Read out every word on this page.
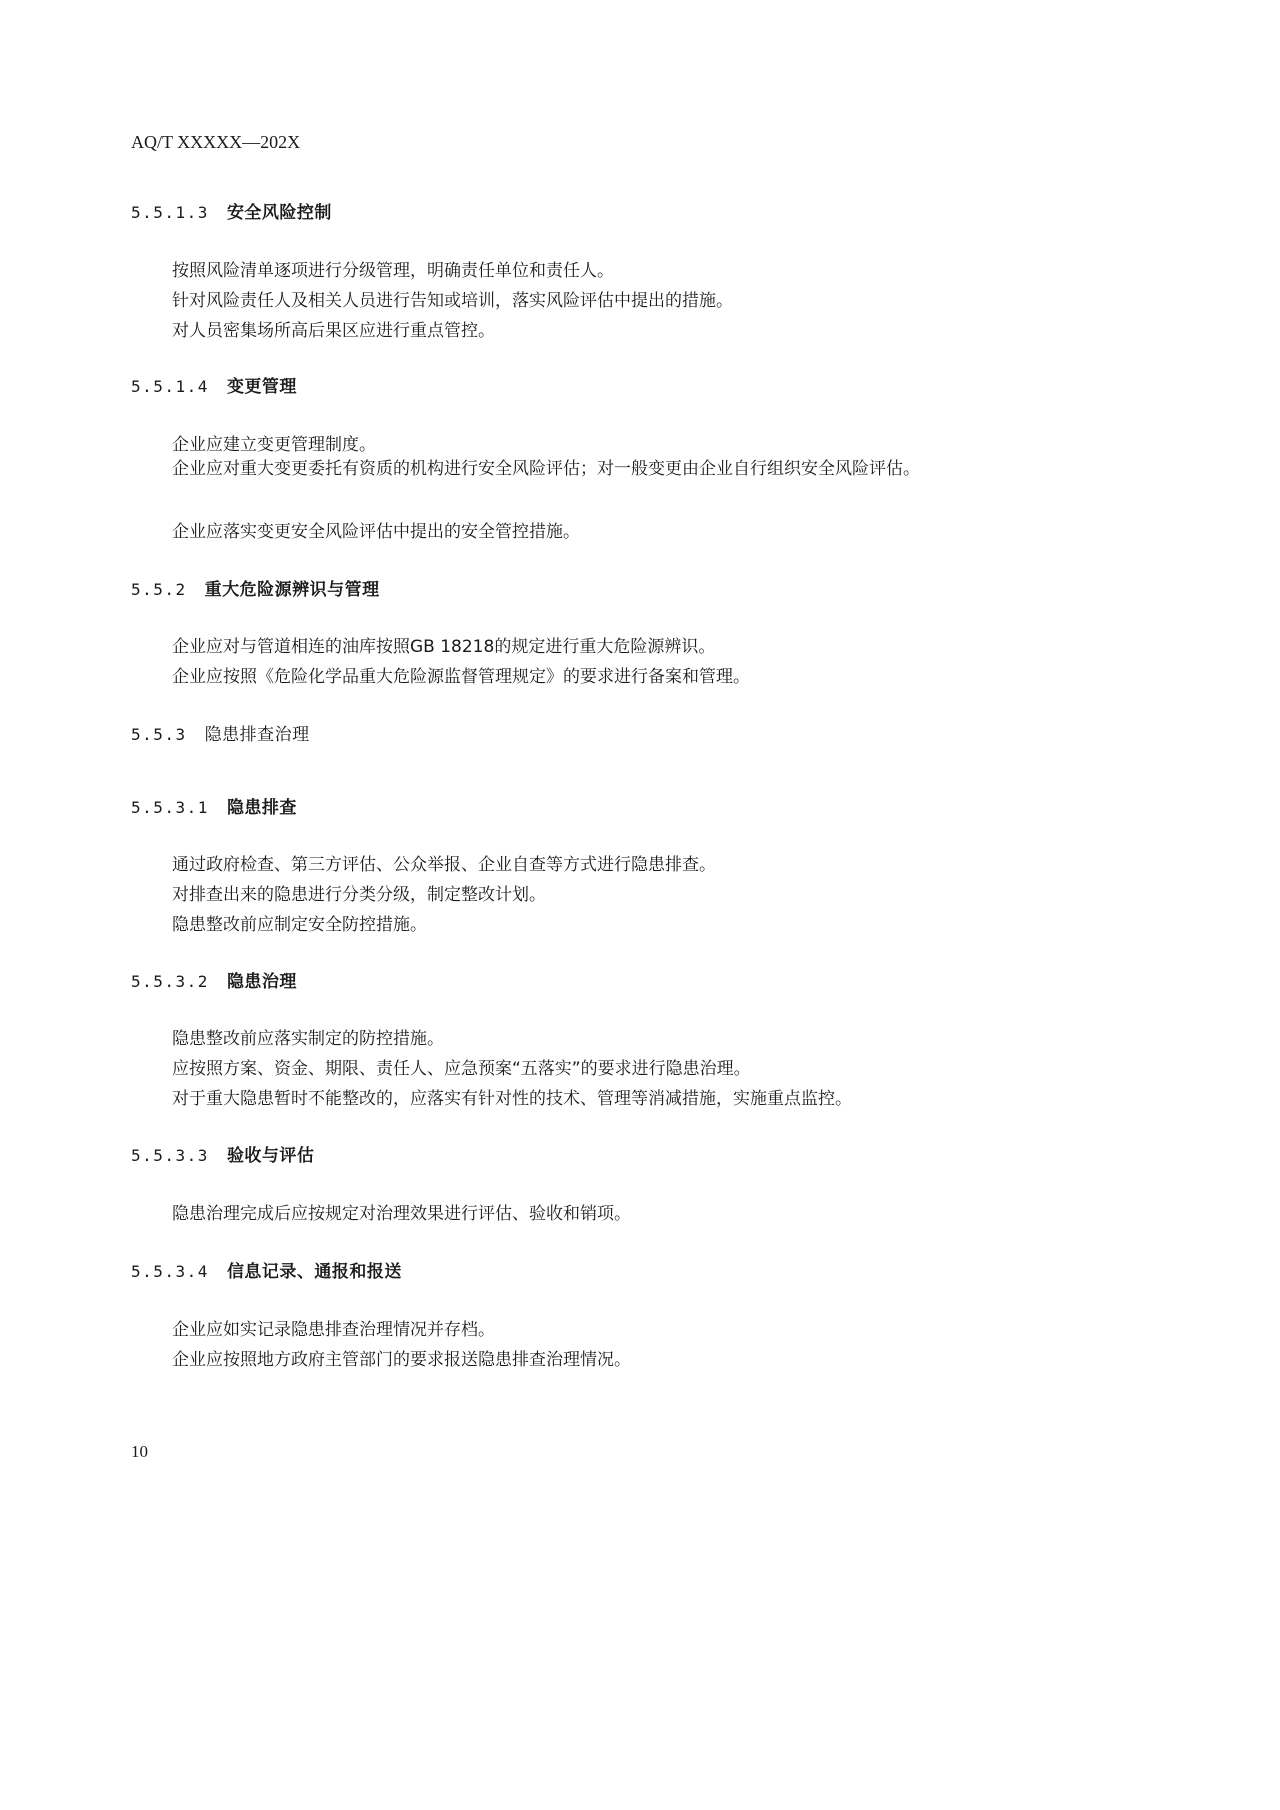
AQ/T XXXXX—202X
5.5.1.3 安全风险控制
按照风险清单逐项进行分级管理，明确责任单位和责任人。
针对风险责任人及相关人员进行告知或培训，落实风险评估中提出的措施。
对人员密集场所高后果区应进行重点管控。
5.5.1.4 变更管理
企业应建立变更管理制度。
企业应对重大变更委托有资质的机构进行安全风险评估；对一般变更由企业自行组织安全风险评估。
企业应落实变更安全风险评估中提出的安全管控措施。
5.5.2 重大危险源辨识与管理
企业应对与管道相连的油库按照GB 18218的规定进行重大危险源辨识。
企业应按照《危险化学品重大危险源监督管理规定》的要求进行备案和管理。
5.5.3 隐患排查治理
5.5.3.1 隐患排查
通过政府检查、第三方评估、公众举报、企业自查等方式进行隐患排查。
对排查出来的隐患进行分类分级，制定整改计划。
隐患整改前应制定安全防控措施。
5.5.3.2 隐患治理
隐患整改前应落实制定的防控措施。
应按照方案、资金、期限、责任人、应急预案“五落实”的要求进行隐患治理。
对于重大隐患暂时不能整改的，应落实有针对性的技术、管理等消减措施，实施重点监控。
5.5.3.3 验收与评估
隐患治理完成后应按规定对治理效果进行评估、验收和销项。
5.5.3.4 信息记录、通报和报送
企业应如实记录隐患排查治理情况并存档。
企业应按照地方政府主管部门的要求报送隐患排查治理情况。
10
